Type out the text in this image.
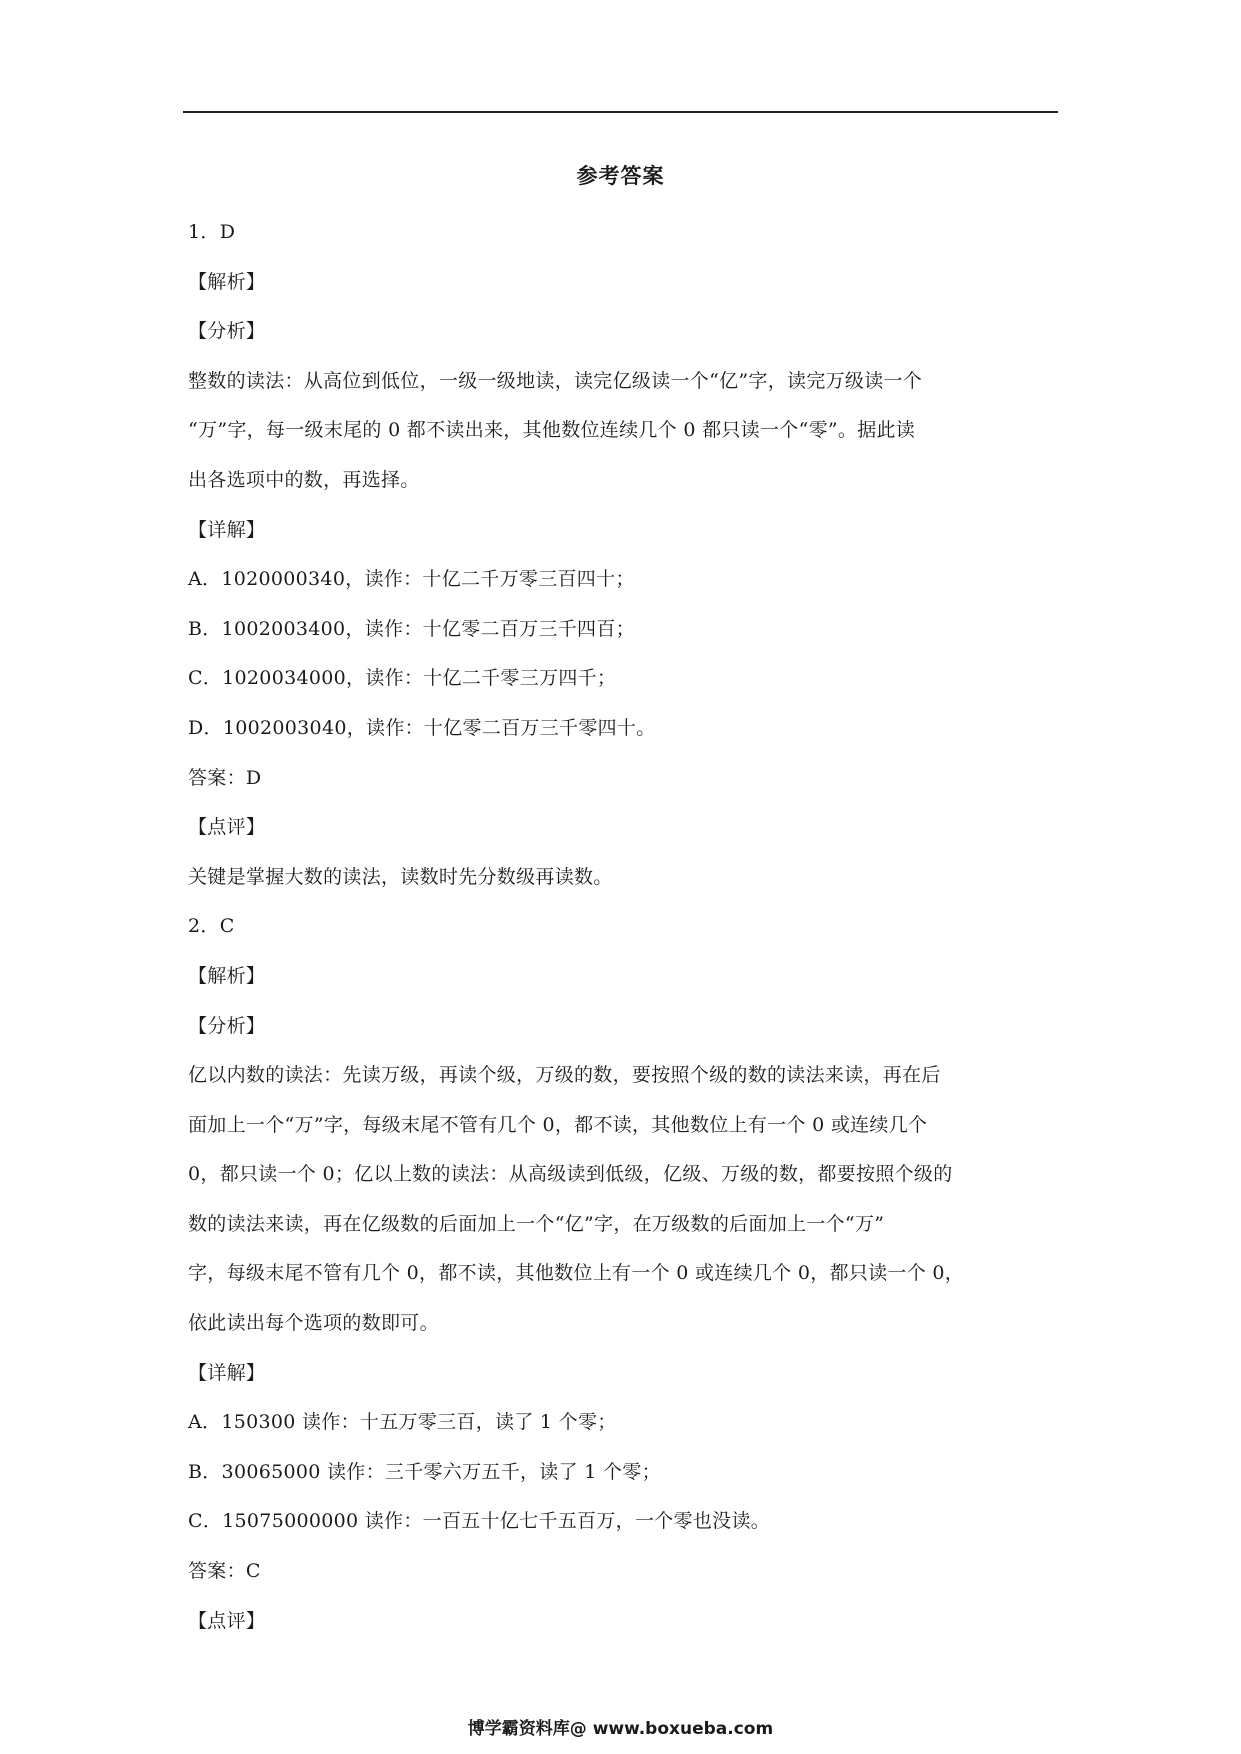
参考答案
1．D
【解析】
【分析】
整数的读法：从高位到低位，一级一级地读，读完亿级读一个“亿”字，读完万级读一个
“万”字，每一级末尾的 0 都不读出来，其他数位连续几个 0 都只读一个“零”。据此读
出各选项中的数，再选择。
【详解】
A．1020000340，读作：十亿二千万零三百四十；
B．1002003400，读作：十亿零二百万三千四百；
C．1020034000，读作：十亿二千零三万四千；
D．1002003040，读作：十亿零二百万三千零四十。
答案：D
【点评】
关键是掌握大数的读法，读数时先分数级再读数。
2．C
【解析】
【分析】
亿以内数的读法：先读万级，再读个级，万级的数，要按照个级的数的读法来读，再在后
面加上一个“万”字，每级末尾不管有几个 0，都不读，其他数位上有一个 0 或连续几个
0，都只读一个 0；亿以上数的读法：从高级读到低级，亿级、万级的数，都要按照个级的
数的读法来读，再在亿级数的后面加上一个“亿”字，在万级数的后面加上一个“万”
字，每级末尾不管有几个 0，都不读，其他数位上有一个 0 或连续几个 0，都只读一个 0，
依此读出每个选项的数即可。
【详解】
A．150300 读作：十五万零三百，读了 1 个零；
B．30065000 读作：三千零六万五千，读了 1 个零；
C．15075000000 读作：一百五十亿七千五百万，一个零也没读。
答案：C
【点评】
博学霸资料库@ www.boxueba.com
